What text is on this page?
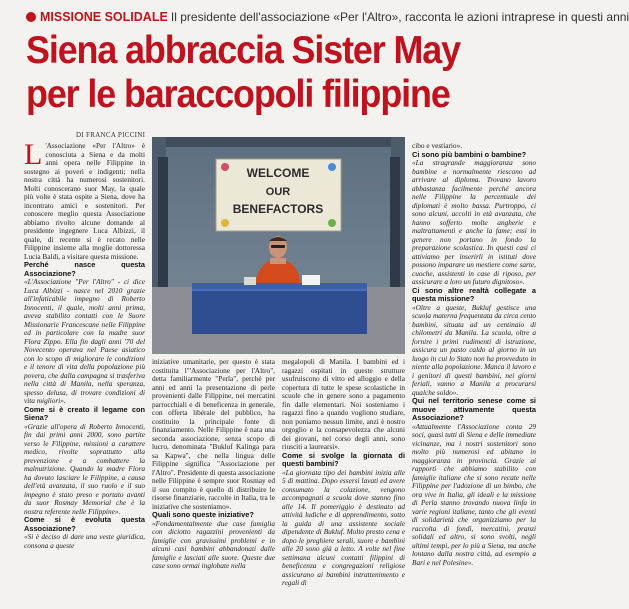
MISSIONE SOLIDALE Il presidente dell'associazione «Per l'Altro», racconta le azioni intraprese in questi anni
Siena abbraccia Sister May
per le baraccopoli filippine
DI FRANCA PICCINI
WELCOME
OUR
BENEFACTORS

L 'Associazione «Per l'Altro» è conosciuta a Siena e da molti anni opera nelle Filippine in sostegno ai poveri e indigenti; nella nostra città ha numerosi sostenitori. Molti conoscerano suor May, la quale più volte è stata ospite a Siena, dove ha incontrato amici e sostenitori. Per conoscere meglio questa Associazione abbiamo rivolto alcune domande al presidente ingegnere Luca Albizzi, il quale, di recente si è recato nelle Filippine insieme alla moglie dottoressa Lucia Baldi, a visitare questa missione.

Perché nasce questa Associazione?

«L'Associazione "Per l'Altro" - ci dice Luca Albizzi - nasce nel 2010 grazie all'infaticabile impegno di Roberto Innocenti, il quale, molti anni prima, aveva stabilito contatti con le Suore Missionarie Francescane nelle Filippine ed in particolare con la madre suor Flora Zippo. Ella fin dagli anni '70 del Novecento operava nel Paese asiatico con lo scopo di migliorare le condizioni e il tenore di vita della popolazione più povera, che dalla campagna si trasferiva nella città di Manila, nella speranza, spesso delusa, di trovare condizioni di vita migliori».

Come si è creato il legame con Siena?

«Grazie all'opera di Roberto Innocenti, fin dai primi anni 2000, sono partite verso le Filippine, missioni a carattere medico, rivolte soprattutto alla prevenzione e a combattere la malnutrizione. Quando la madre Flora ha dovuto lasciare le Filippine, a causa dell'età avanzata, il suo ruolo e il suo impegno è stato preso e portato avanti da suor Rosmay Memorial che è la nostra referente nelle Filippine».

Come si è evoluta questa Associazione?

«Si è deciso di dare una veste giuridica, consona a queste

iniziative umanitarie, per questo è stata costituita l'"Associazione per l'Altro", detta familiarmente "Perla", perché per anni ed anni la presentazione di perle provenienti dalle Filippine, nei mercatini parrocchiali e di beneficenza in generale, con offerta libérale del pubblico, ha costituito la principale fonte di finanziamento. Nelle Filippine è nata una seconda associazione, senza scopo di lucro, denominata "Bukluf Kalinga para sa Kapwa", che nella lingua delle Filippine significa "Associazione per l'Altro". Presidente di questa associazione nelle Filippine è sempre suor Rosmay ed il suo compito è quello di distribuire le risorse finanziarie, raccolte in Italia, tra le iniziative che sosteniamo».

Quali sono queste iniziative?

«Fondamentalmente due case famiglia con diciotto ragazzini provenienti da famiglie con gravissimi problemi e in alcuni casi bambini abbandonati dalle famiglie e lasciati alle suore. Queste due case sono ormai inglobate nella

megalopoli di Manila. I bambini ed i ragazzi ospitati in queste strutture usufruiscono di vitto ed alloggio e della copertura di tutte le spese scolastiche in scuole che in genere sono a pagamento fin dalle elementari. Noi sosteniamo i ragazzi fino a quando vogliono studiare, non poniamo nessun limite, anzi è nostro orgoglio e la consapevolezza che alcuni dei giovani, nel corso degli anni, sono riusciti a laurearsi».

Come si svolge la giornata di questi bambini?

«La giornata tipo dei bambini inizia alle 5 di mattina. Dopo essersi lavati ed avere consumato la colazione, vengono accompagnati a scuola dove stanno fino alle 14. Il pomeriggio è destinato ad attività ludiche e di apprendimento, sotto la guida di una assistente sociale dipendente di Bukluf. Molto presto cena e dopo le preghiere serali, suore e bambini alle 20 sono già a letto. A volte nel fine settimana alcuni contatti filippini di beneficenza e congregazioni religiose assicurano ai bambini intrattenimento e regali di

cibo e vestiario».

Ci sono più bambini o bambine?

«La stragrande maggioranza sono bambine e normalmente riescono ad arrivare al diploma. Trovano lavoro abbastanza facilmente perché ancora nelle Filippine la percentuale dei diplomati è molto bassa. Purtroppo, ci sono alcuni, accolti in età avanzata, che hanno sofferto molte angherie e maltrattamenti e anche la fame; essi in genere non portano in fondo la preparazione scolastica. In questi casi ci attiviamo per inserirli in istituti dove possono imparare un mestiere come sarte, cuoche, assistenti in case di riposo, per assicurare a loro un futuro dignitoso».

Ci sono altre realtà collegate a questa missione?

«Oltre a queste, Bukluf gestisce una scuola materna frequentata da circa cento bambini, situata ad un centinaio di chilometri da Manila. La scuola, oltre a fornire i primi rudimenti di istruzione, assicura un pasto caldo al giorno in un luogo in cui lo Stato non ha provveduto in niente alla popolazione. Manca il lavoro e i genitori di questi bambini, nei giorni feriali, vanno a Manila a procurarsi qualche soldo».

Qui nel territorio senese come si muove attivamente questa Associazione?

«Attualmente l'Associazione conta 29 soci, quasi tutti di Siena e delle immediate vicinanze, ma i nostri sostenitori sono molto più numerosi ed abitano in maggioranza in provincia. Grazie ai rapporti che abbiamo stabilito con famiglie italiane che si sono recate nelle Filippine per l'adozione di un bimbo, che ora vive in Italia, gli ideali e la missione di Perla stanno trovando nuova linfa in varie regioni italiane, tanto che gli eventi di solidarietà che organizziamo per la raccolta di fondi, mercatini, pranzi solidali ed altro, si sono svolti, negli ultimi tempi, per lo più a Siena, ma anche lontano dalla nostra città, ad esempio a Bari e nel Polesine».
